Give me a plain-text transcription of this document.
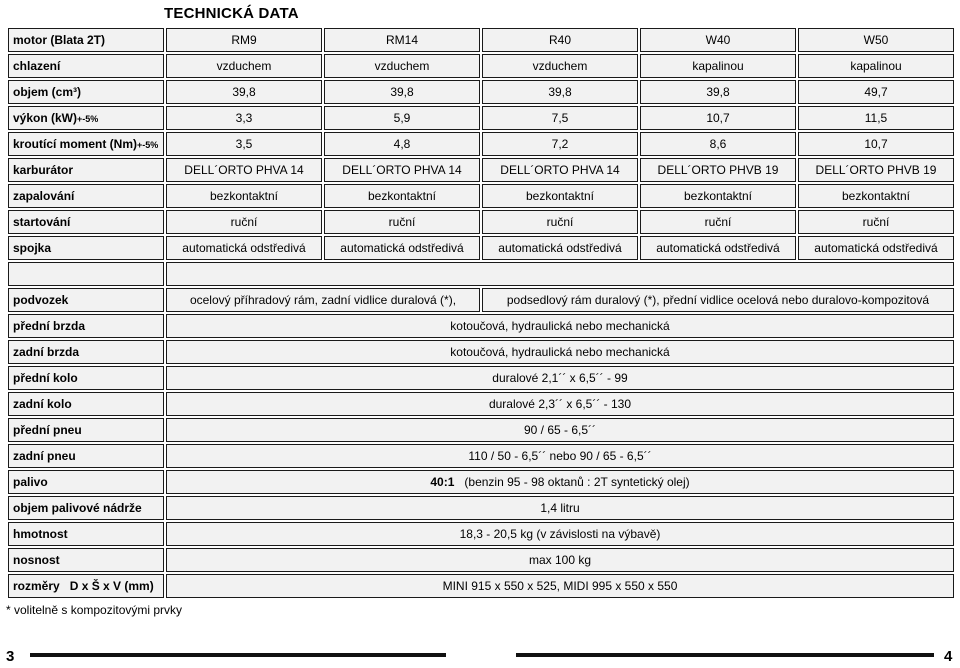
TECHNICKÁ DATA
motor (Blata 2T)	RM9	RM14	R40	W40	W50
chlazení	vzduchem	vzduchem	vzduchem	kapalinou	kapalinou
objem (cm³)	39,8	39,8	39,8	39,8	49,7
výkon (kW)+-5%	3,3	5,9	7,5	10,7	11,5
kroutící moment (Nm)+-5%	3,5	4,8	7,2	8,6	10,7
karburátor	DELL´ORTO PHVA 14	DELL´ORTO PHVA 14	DELL´ORTO PHVA 14	DELL´ORTO PHVB 19	DELL´ORTO PHVB 19
zapalování	bezkontaktní	bezkontaktní	bezkontaktní	bezkontaktní	bezkontaktní
startování	ruční	ruční	ruční	ruční	ruční
spojka	automatická odstředivá	automatická odstředivá	automatická odstředivá	automatická odstředivá	automatická odstředivá

podvozek	ocelový příhradový rám, zadní vidlice duralová (*),		podsedlový rám duralový (*), přední vidlice ocelová nebo duralovo-kompozitová		
přední brzda	kotoučová, hydraulická nebo mechanická				
zadní brzda	kotoučová, hydraulická nebo mechanická				
přední kolo	duralové 2,1´´ x 6,5´´ - 99				
zadní kolo	duralové 2,3´´ x 6,5´´ - 130				
přední pneu	90 / 65 - 6,5´´				
zadní pneu	110 / 50 - 6,5´´ nebo 90 / 65 - 6,5´´				
palivo	40:1 (benzin 95 - 98 oktanů : 2T syntetický olej)				
objem palivové nádrže	1,4 litru				
hmotnost	18,3 - 20,5 kg (v závislosti na výbavě)				
nosnost	max 100 kg				
rozměry   D x Š x V (mm)	MINI 915 x 550 x 525, MIDI 995 x 550 x 550				
* volitelně s kompozitovými prvky
3	4
